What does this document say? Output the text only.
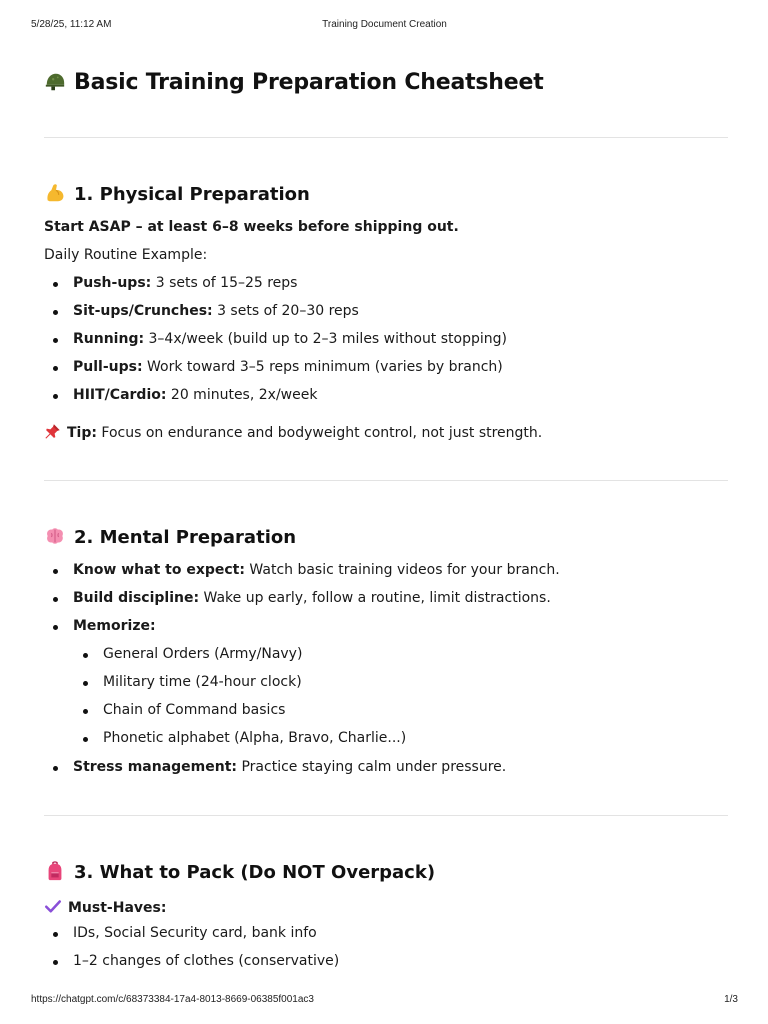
5/28/25, 11:12 AM	Training Document Creation
Basic Training Preparation Cheatsheet
1. Physical Preparation
Start ASAP – at least 6–8 weeks before shipping out.
Daily Routine Example:
Push-ups: 3 sets of 15–25 reps
Sit-ups/Crunches: 3 sets of 20–30 reps
Running: 3–4x/week (build up to 2–3 miles without stopping)
Pull-ups: Work toward 3–5 reps minimum (varies by branch)
HIIT/Cardio: 20 minutes, 2x/week
Tip: Focus on endurance and bodyweight control, not just strength.
2. Mental Preparation
Know what to expect: Watch basic training videos for your branch.
Build discipline: Wake up early, follow a routine, limit distractions.
Memorize:
General Orders (Army/Navy)
Military time (24-hour clock)
Chain of Command basics
Phonetic alphabet (Alpha, Bravo, Charlie...)
Stress management: Practice staying calm under pressure.
3. What to Pack (Do NOT Overpack)
Must-Haves:
IDs, Social Security card, bank info
1–2 changes of clothes (conservative)
https://chatgpt.com/c/68373384-17a4-8013-8669-06385f001ac3	1/3
